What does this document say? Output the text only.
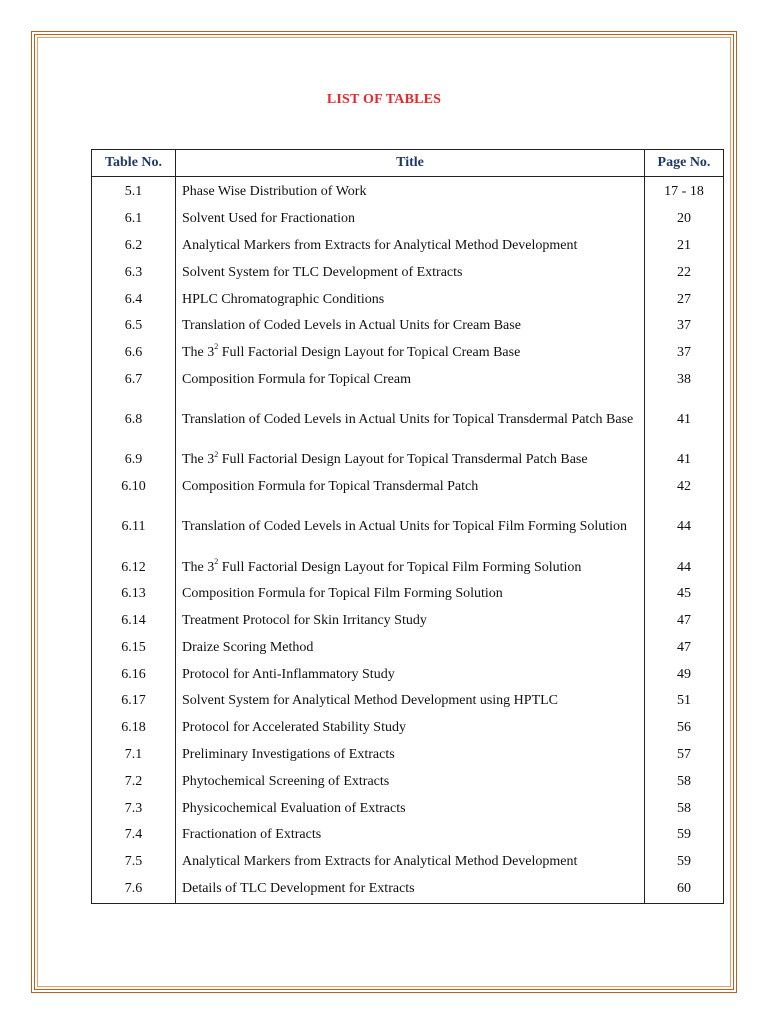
LIST OF TABLES
Table No.	Title	Page No.
5.1	Phase Wise Distribution of Work	17 - 18
6.1	Solvent Used for Fractionation	20
6.2	Analytical Markers from Extracts for Analytical Method Development	21
6.3	Solvent System for TLC Development of Extracts	22
6.4	HPLC Chromatographic Conditions	27
6.5	Translation of Coded Levels in Actual Units for Cream Base	37
6.6	The $3^2$ Full Factorial Design Layout for Topical Cream Base	37
6.7	Composition Formula for Topical Cream	38
6.8	Translation of Coded Levels in Actual Units for Topical Transdermal Patch Base	41
6.9	The $3^2$ Full Factorial Design Layout for Topical Transdermal Patch Base	41
6.10	Composition Formula for Topical Transdermal Patch	42
6.11	Translation of Coded Levels in Actual Units for Topical Film Forming Solution	44
6.12	The $3^2$ Full Factorial Design Layout for Topical Film Forming Solution	44
6.13	Composition Formula for Topical Film Forming Solution	45
6.14	Treatment Protocol for Skin Irritancy Study	47
6.15	Draize Scoring Method	47
6.16	Protocol for Anti-Inflammatory Study	49
6.17	Solvent System for Analytical Method Development using HPTLC	51
6.18	Protocol for Accelerated Stability Study	56
7.1	Preliminary Investigations of Extracts	57
7.2	Phytochemical Screening of Extracts	58
7.3	Physicochemical Evaluation of Extracts	58
7.4	Fractionation of Extracts	59
7.5	Analytical Markers from Extracts for Analytical Method Development	59
7.6	Details of TLC Development for Extracts	60
